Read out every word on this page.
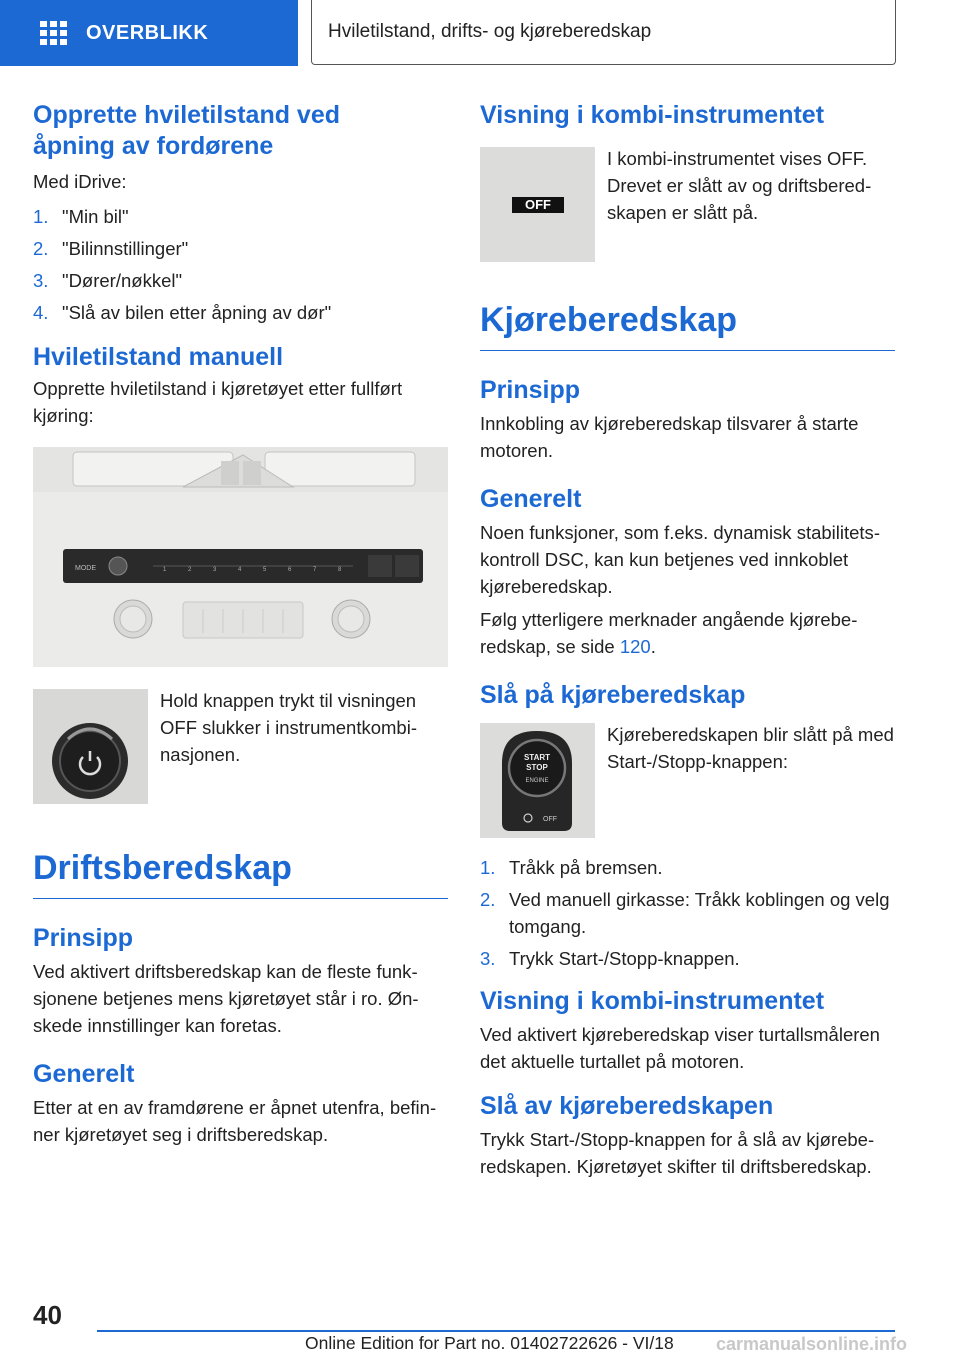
OVERBLIKK	Hviletilstand, drifts- og kjøreberedskap
Opprette hviletilstand ved åpning av fordørene

Med iDrive:

1. "Min bil"
2. "Bilinnstillinger"
3. "Dører/nøkkel"
4. "Slå av bilen etter åpning av dør"
Hviletilstand manuell

Opprette hviletilstand i kjøretøyet etter fullført kjøring:

MODE	1	2	3	4	5	6	7	8

Hold knappen trykt til visningen OFF slukker i instrumentkombinasjonen.

Driftsberedskap
Prinsipp

Ved aktivert driftsberedskap kan de fleste funksjonene betjenes mens kjøretøyet står i ro. Ønskede innstillinger kan foretas.

Generelt

Etter at en av framdørene er åpnet utenfra, befinner kjøretøyet seg i driftsberedskap.

Visning i kombi-instrumentet
OFF

I kombi-instrumentet vises OFF. Drevet er slått av og driftsberedskapen er slått på.

Kjøreberedskap
Prinsipp

Innkobling av kjøreberedskap tilsvarer å starte motoren.

Generelt

Noen funksjoner, som f.eks. dynamisk stabilitetskontroll DSC, kan kun betjenes ved innkoblet kjøreberedskap.

Følg ytterligere merknader angående kjøreberedskap, se side 120.

Slå på kjøreberedskap
START
STOP
ENGINE
OFF

Kjøreberedskapen blir slått på med Start-/Stopp-knappen:

1. Tråkk på bremsen.
2. Ved manuell girkasse: Tråkk koblingen og velg tomgang.
3. Trykk Start-/Stopp-knappen.
Visning i kombi-instrumentet

Ved aktivert kjøreberedskap viser turtallsmåleren det aktuelle turtallet på motoren.

Slå av kjøreberedskapen

Trykk Start-/Stopp-knappen for å slå av kjøreberedskapen. Kjøretøyet skifter til driftsberedskap.

40
Online Edition for Part no. 01402722626 - VI/18 carmanualsonline.info
